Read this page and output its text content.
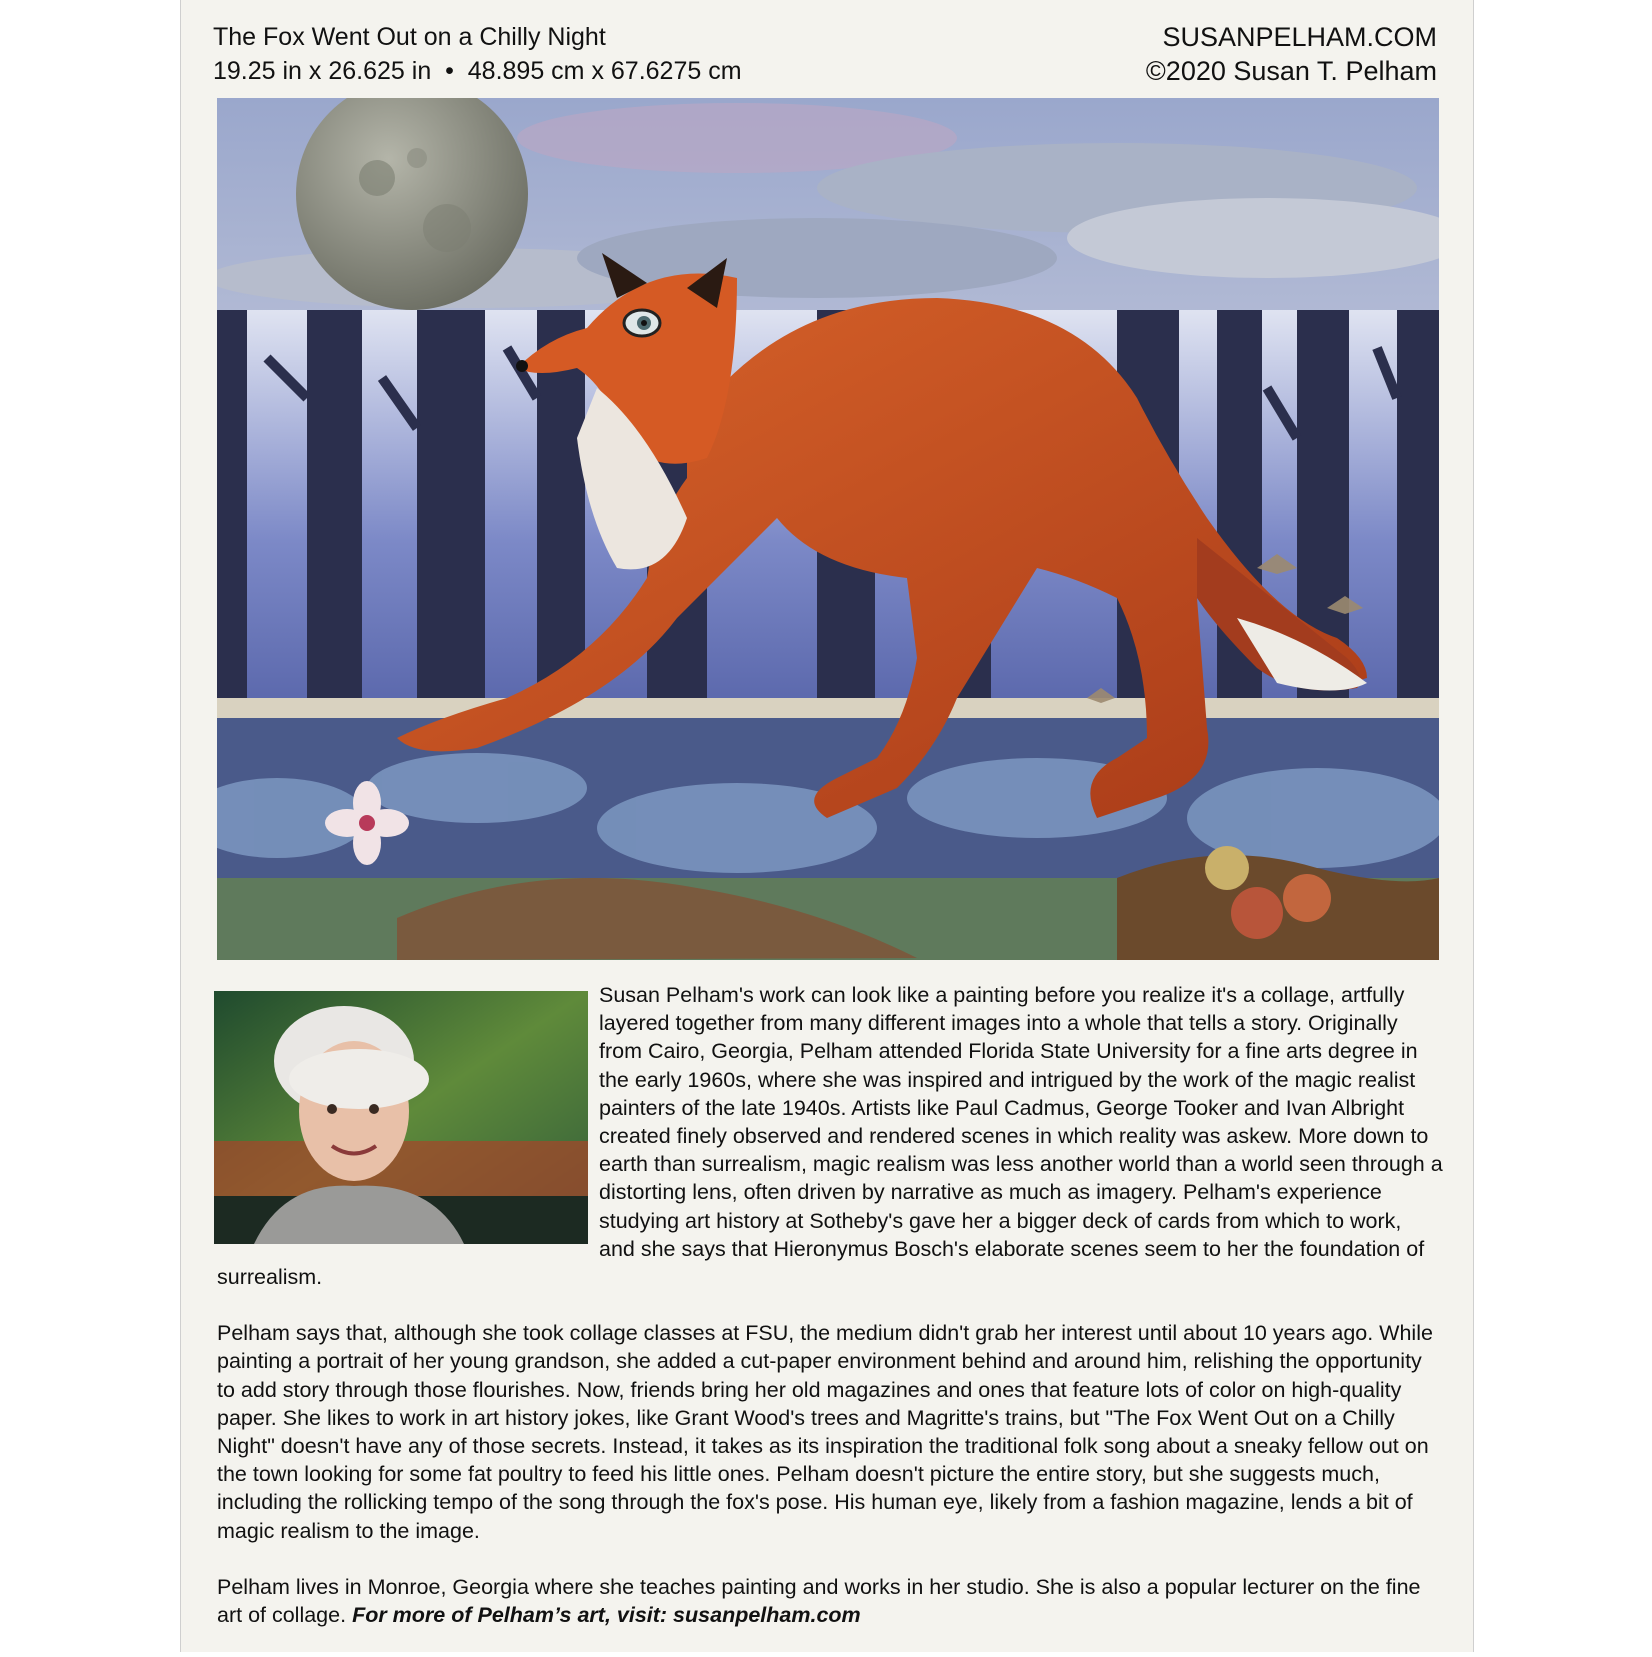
The Fox Went Out on a Chilly Night
19.25 in x 26.625 in  •  48.895 cm x 67.6275 cm
SUSANPELHAM.COM
©2020 Susan T. Pelham

Susan Pelham's work can look like a painting before you realize it's a collage, artfully layered together from many different images into a whole that tells a story. Originally from Cairo, Georgia, Pelham attended Florida State University for a fine arts degree in the early 1960s, where she was inspired and intrigued by the work of the magic realist painters of the late 1940s. Artists like Paul Cadmus, George Tooker and Ivan Albright created finely observed and rendered scenes in which reality was askew. More down to earth than surrealism, magic realism was less another world than a world seen through a distorting lens, often driven by narrative as much as imagery. Pelham's experience studying art history at Sotheby's gave her a bigger deck of cards from which to work, and she says that Hieronymus Bosch's elaborate scenes seem to her the foundation of surrealism.

Pelham says that, although she took collage classes at FSU, the medium didn't grab her interest until about 10 years ago. While painting a portrait of her young grandson, she added a cut-paper environment behind and around him, relishing the opportunity to add story through those flourishes. Now, friends bring her old magazines and ones that feature lots of color on high-quality paper. She likes to work in art history jokes, like Grant Wood's trees and Magritte's trains, but "The Fox Went Out on a Chilly Night" doesn't have any of those secrets. Instead, it takes as its inspiration the traditional folk song about a sneaky fellow out on the town looking for some fat poultry to feed his little ones. Pelham doesn't picture the entire story, but she suggests much, including the rollicking tempo of the song through the fox's pose. His human eye, likely from a fashion magazine, lends a bit of magic realism to the image.

Pelham lives in Monroe, Georgia where she teaches painting and works in her studio. She is also a popular lecturer on the fine art of collage. For more of Pelham’s art, visit: susanpelham.com
